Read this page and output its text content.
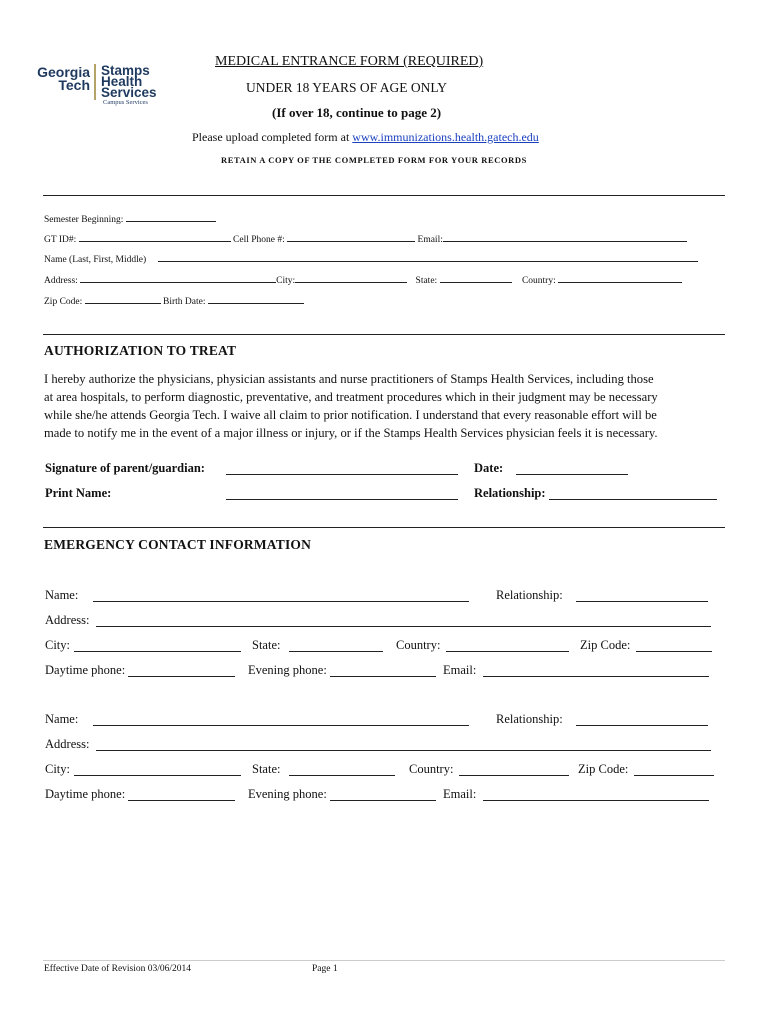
Georgia
Tech
Stamps
Health
Services
Campus Services
MEDICAL ENTRANCE FORM (REQUIRED)
UNDER 18 YEARS OF AGE ONLY
(If over 18, continue to page 2)
Please upload completed form at www.immunizations.health.gatech.edu
RETAIN A COPY OF THE COMPLETED FORM FOR YOUR RECORDS
Semester Beginning:
GT ID#:	Cell Phone #:	Email:
Name (Last, First, Middle)
Address:	City:	State:	Country:
Zip Code:	Birth Date:
AUTHORIZATION TO TREAT
I hereby authorize the physicians, physician assistants and nurse practitioners of Stamps Health Services, including those
at area hospitals, to perform diagnostic, preventative, and treatment procedures which in their judgment may be necessary
while she/he attends Georgia Tech. I waive all claim to prior notification. I understand that every reasonable effort will be
made to notify me in the event of a major illness or injury, or if the Stamps Health Services physician feels it is necessary.
Signature of parent/guardian:	Date:
Print Name:	Relationship:
EMERGENCY CONTACT INFORMATION
Name:	Relationship:
Address:
City:	State:	Country:	Zip Code:
Daytime phone:	Evening phone:	Email:
Name:	Relationship:
Address:
City:	State:	Country:	Zip Code:
Daytime phone:	Evening phone:	Email:
Effective Date of Revision 03/06/2014	Page 1
